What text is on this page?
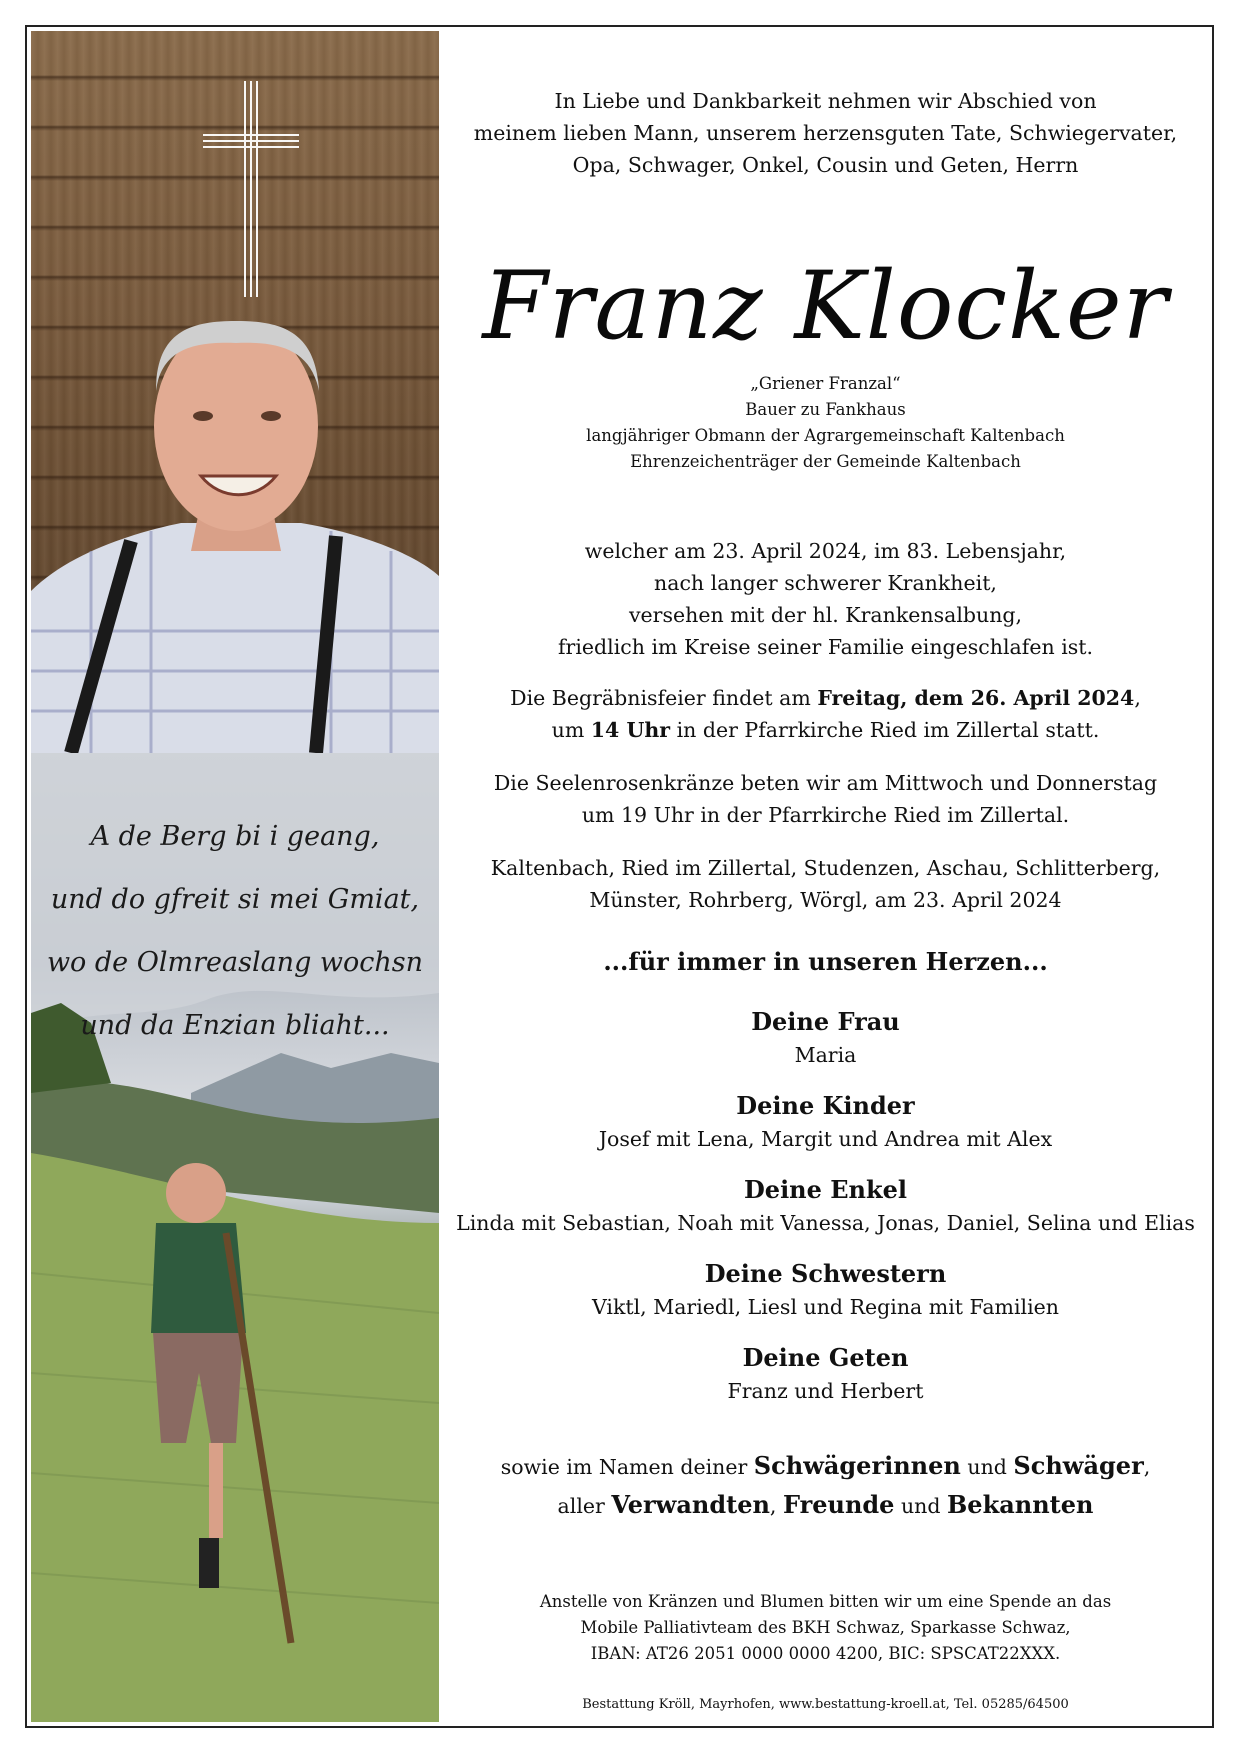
A de Berg bi i geang,
und do gfreit si mei Gmiat,
wo de Olmreaslang wochsn
und da Enzian bliaht...
In Liebe und Dankbarkeit nehmen wir Abschied von
meinem lieben Mann, unserem herzensguten Tate, Schwiegervater,
Opa, Schwager, Onkel, Cousin und Geten, Herrn
Franz Klocker
„Griener Franzal“
Bauer zu Fankhaus
langjähriger Obmann der Agrargemeinschaft Kaltenbach
Ehrenzeichenträger der Gemeinde Kaltenbach
welcher am 23. April 2024, im 83. Lebensjahr,
nach langer schwerer Krankheit,
versehen mit der hl. Krankensalbung,
friedlich im Kreise seiner Familie eingeschlafen ist.
Die Begräbnisfeier findet am Freitag, dem 26. April 2024,
um 14 Uhr in der Pfarrkirche Ried im Zillertal statt.
Die Seelenrosenkränze beten wir am Mittwoch und Donnerstag
um 19 Uhr in der Pfarrkirche Ried im Zillertal.
Kaltenbach, Ried im Zillertal, Studenzen, Aschau, Schlitterberg,
Münster, Rohrberg, Wörgl, am 23. April 2024
...für immer in unseren Herzen...
Deine Frau
Maria
Deine Kinder
Josef mit Lena, Margit und Andrea mit Alex
Deine Enkel
Linda mit Sebastian, Noah mit Vanessa, Jonas, Daniel, Selina und Elias
Deine Schwestern
Viktl, Mariedl, Liesl und Regina mit Familien
Deine Geten
Franz und Herbert
sowie im Namen deiner Schwägerinnen und Schwäger,
aller Verwandten, Freunde und Bekannten
Anstelle von Kränzen und Blumen bitten wir um eine Spende an das
Mobile Palliativteam des BKH Schwaz, Sparkasse Schwaz,
IBAN: AT26 2051 0000 0000 4200, BIC: SPSCAT22XXX.
Bestattung Kröll, Mayrhofen, www.bestattung-kroell.at, Tel. 05285/64500
